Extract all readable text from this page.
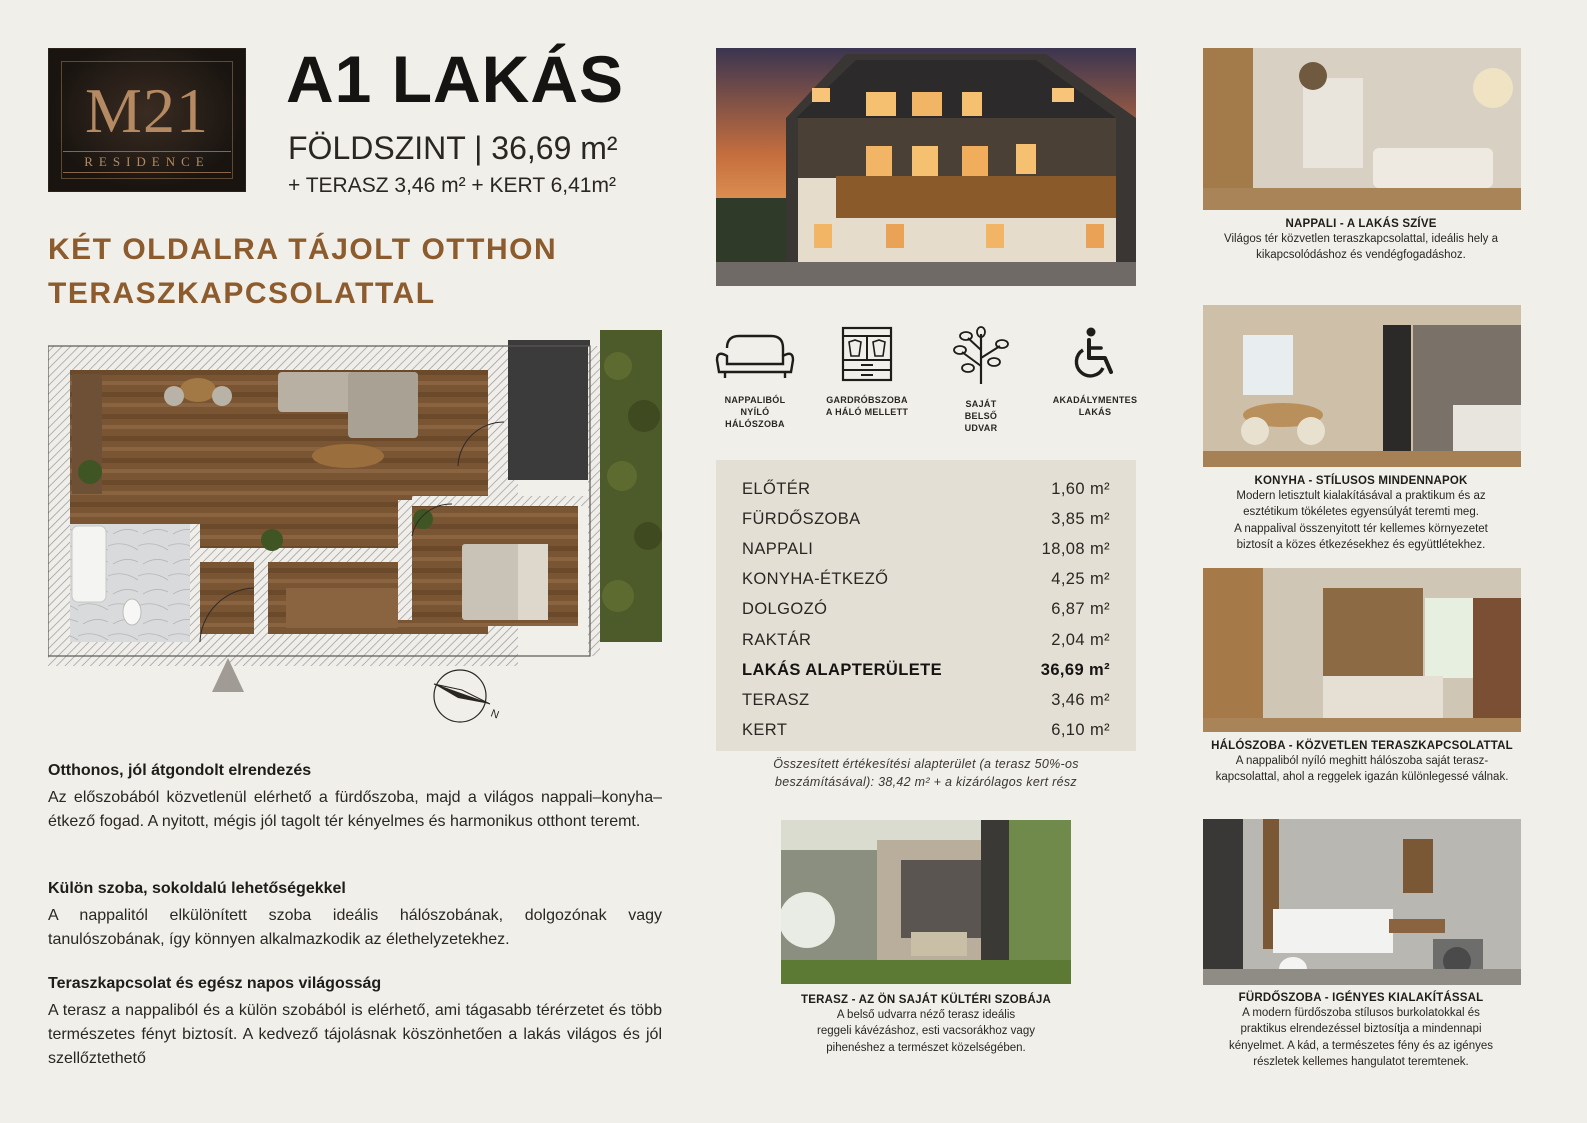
M21
RESIDENCE
A1 LAKÁS
FÖLDSZINT | 36,69 m²
+ TERASZ 3,46 m² + KERT 6,41m²
KÉT OLDALRA TÁJOLT OTTHON
TERASZKAPCSOLATTAL
N
Otthonos, jól átgondolt elrendezés

Az előszobából közvetlenül elérhető a fürdőszoba, majd a világos nappali–konyha–étkező fogad. A nyitott, mégis jól tagolt tér kényelmes és harmonikus otthont teremt.

Külön szoba, sokoldalú lehetőségekkel

A nappalitól elkülönített szoba ideális hálószobának, dolgozónak vagy tanulószobának, így könnyen alkalmazkodik az élethelyzetekhez.

Teraszkapcsolat és egész napos világosság

A terasz a nappaliból és a külön szobából is elérhető, ami tágasabb térérzetet és több természetes fényt biztosít. A kedvező tájolásnak köszönhetően a lakás világos és jól szellőztethető

NAPPALIBÓL
NYÍLÓ
HÁLÓSZOBA
GARDRÓBSZOBA
A HÁLÓ MELLETT
SAJÁT
BELSŐ
UDVAR
AKADÁLYMENTES
LAKÁS
ELŐTÉR	1,60 m²
FÜRDŐSZOBA	3,85 m²
NAPPALI	18,08 m²
KONYHA-ÉTKEZŐ	4,25 m²
DOLGOZÓ	6,87 m²
RAKTÁR	2,04 m²
LAKÁS ALAPTERÜLETE	36,69 m²
TERASZ	3,46 m²
KERT	6,10 m²
Összesített értékesítési alapterület (a terasz 50%-os
beszámításával): 38,42 m² + a kizárólagos kert rész
TERASZ - AZ ÖN SAJÁT KÜLTÉRI SZOBÁJA
A belső udvarra néző terasz ideális
reggeli kávézáshoz, esti vacsorákhoz vagy
pihenéshez a természet közelségében.
NAPPALI - A LAKÁS SZÍVE
Világos tér közvetlen teraszkapcsolattal, ideális hely a
kikapcsolódáshoz és vendégfogadáshoz.
KONYHA - STÍLUSOS MINDENNAPOK
Modern letisztult kialakításával a praktikum és az
esztétikum tökéletes egyensúlyát teremti meg.
A nappalival összenyitott tér kellemes környezetet
biztosít a közes étkezésekhez és együttlétekhez.
HÁLÓSZOBA - KÖZVETLEN TERASZKAPCSOLATTAL
A nappaliból nyíló meghitt hálószoba saját terasz-
kapcsolattal, ahol a reggelek igazán különlegessé válnak.
FÜRDŐSZOBA - IGÉNYES KIALAKÍTÁSSAL
A modern fürdőszoba stílusos burkolatokkal és
praktikus elrendezéssel biztosítja a mindennapi
kényelmet. A kád, a természetes fény és az igényes
részletek kellemes hangulatot teremtenek.
